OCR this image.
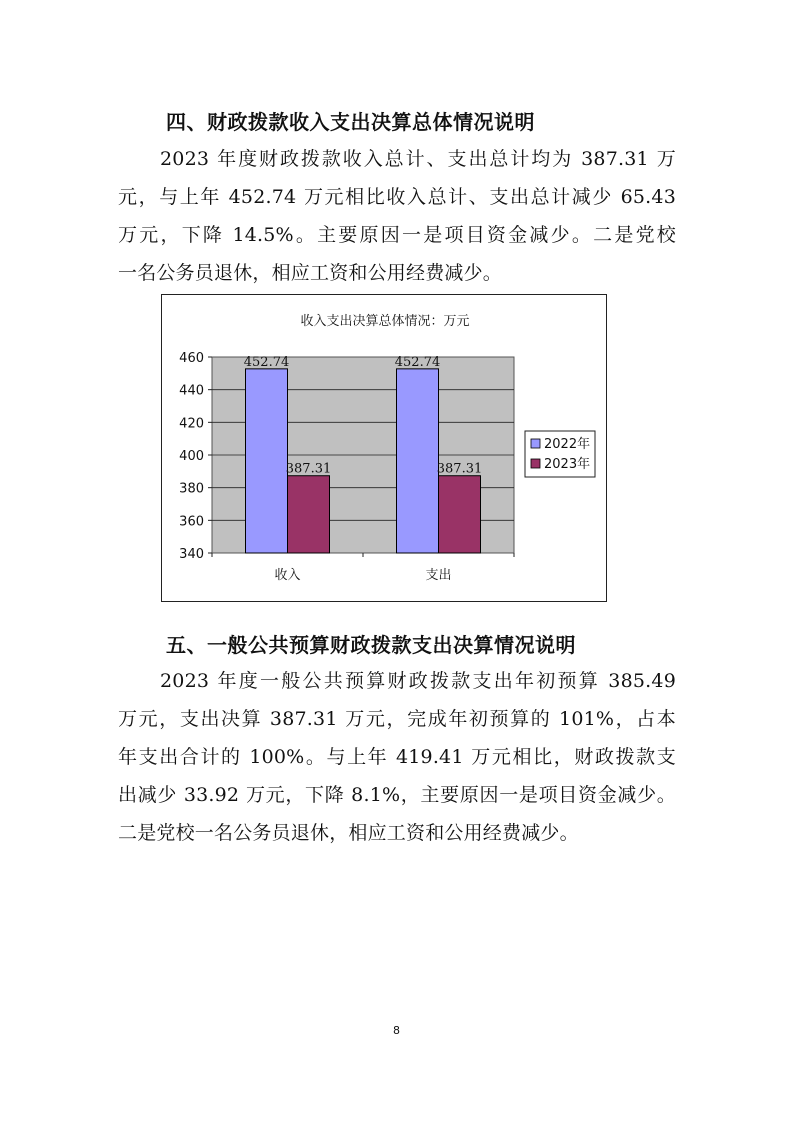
四、财政拨款收入支出决算总体情况说明
2023 年度财政拨款收入总计、支出总计均为 387.31 万
元，与上年 452.74 万元相比收入总计、支出总计减少 65.43
万元，下降 14.5%。主要原因一是项目资金减少。二是党校
一名公务员退休，相应工资和公用经费减少。
收入支出决算总体情况：万元
340
360
380
400
420
440
460	452.74
387.31
收入
452.74
387.31
支出
2022年
2023年
五、一般公共预算财政拨款支出决算情况说明
2023 年度一般公共预算财政拨款支出年初预算 385.49
万元，支出决算 387.31 万元，完成年初预算的 101%，占本
年支出合计的 100%。与上年 419.41 万元相比，财政拨款支
出减少 33.92 万元，下降 8.1%，主要原因一是项目资金减少。
二是党校一名公务员退休，相应工资和公用经费减少。
8
